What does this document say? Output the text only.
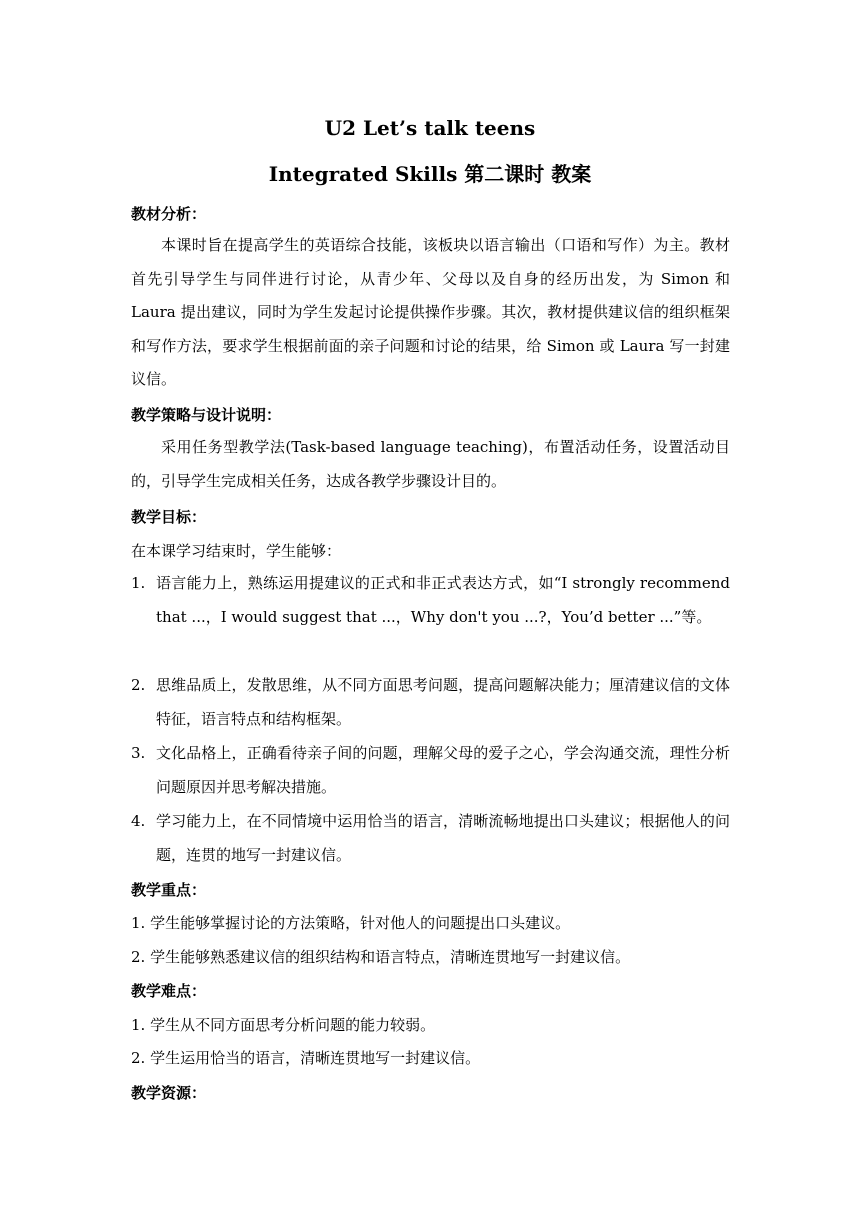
U2 Let’s talk teens
Integrated Skills 第二课时 教案
教材分析：
本课时旨在提高学生的英语综合技能，该板块以语言输出（口语和写作）为主。教材首先引导学生与同伴进行讨论，从青少年、父母以及自身的经历出发，为 Simon 和 Laura 提出建议，同时为学生发起讨论提供操作步骤。其次，教材提供建议信的组织框架和写作方法，要求学生根据前面的亲子问题和讨论的结果，给 Simon 或 Laura 写一封建议信。
教学策略与设计说明：
采用任务型教学法(Task-based language teaching)，布置活动任务，设置活动目的，引导学生完成相关任务，达成各教学步骤设计目的。
教学目标：
在本课学习结束时，学生能够：
1. 语言能力上，熟练运用提建议的正式和非正式表达方式，如“I strongly recommend that ...，I would suggest that ...，Why don't you ...?，You’d better ...”等。
2. 思维品质上，发散思维，从不同方面思考问题，提高问题解决能力；厘清建议信的文体特征，语言特点和结构框架。
3. 文化品格上，正确看待亲子间的问题，理解父母的爱子之心，学会沟通交流，理性分析问题原因并思考解决措施。
4. 学习能力上，在不同情境中运用恰当的语言，清晰流畅地提出口头建议；根据他人的问题，连贯的地写一封建议信。
教学重点：
1. 学生能够掌握讨论的方法策略，针对他人的问题提出口头建议。
2. 学生能够熟悉建议信的组织结构和语言特点，清晰连贯地写一封建议信。
教学难点：
1. 学生从不同方面思考分析问题的能力较弱。
2. 学生运用恰当的语言，清晰连贯地写一封建议信。
教学资源：
